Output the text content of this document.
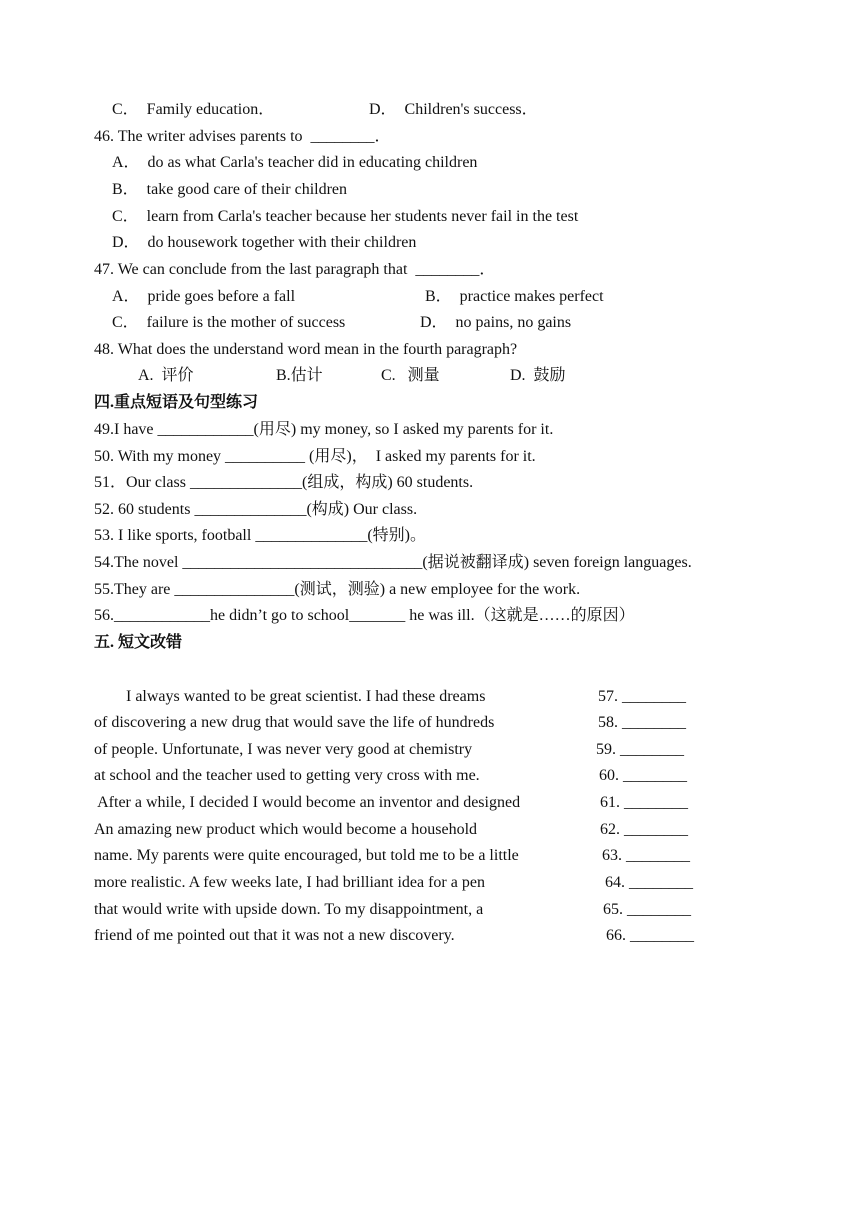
C．  Family education．	D．  Children's success．
46. The writer advises parents to  ________．
A．  do as what Carla's teacher did in educating children
B．  take good care of their children
C．  learn from Carla's teacher because her students never fail in the test
D．  do housework together with their children
47. We can conclude from the last paragraph that  ________．
A．  pride goes before a fall	B．  practice makes perfect
C．  failure is the mother of success	D．  no pains, no gains
48. What does the understand word mean in the fourth paragraph?
A.  评价	B.估计	C.   测量	D.  鼓励
四.重点短语及句型练习
49.I have ____________(用尽) my money, so I asked my parents for it.
50. With my money __________ (用尽)，  I asked my parents for it.
51．Our class ______________(组成，构成) 60 students.
52. 60 students ______________(构成) Our class.
53. I like sports, football ______________(特别)。
54.The novel ______________________________(据说被翻译成) seven foreign languages.
55.They are _______________(测试，测验) a new employee for the work.
56.____________he didn’t go to school_______ he was ill.（这就是……的原因）
五. 短文改错
I always wanted to be great scientist. I had these dreams	57. ________
of discovering a new drug that would save the life of hundreds	58. ________
of people. Unfortunate, I was never very good at chemistry	59. ________
at school and the teacher used to getting very cross with me.	60. ________
After a while, I decided I would become an inventor and designed	61. ________
An amazing new product which would become a household	62. ________
name. My parents were quite encouraged, but told me to be a little	63. ________
more realistic. A few weeks late, I had brilliant idea for a pen	64. ________
that would write with upside down. To my disappointment, a	65. ________
friend of me pointed out that it was not a new discovery.	66. ________
